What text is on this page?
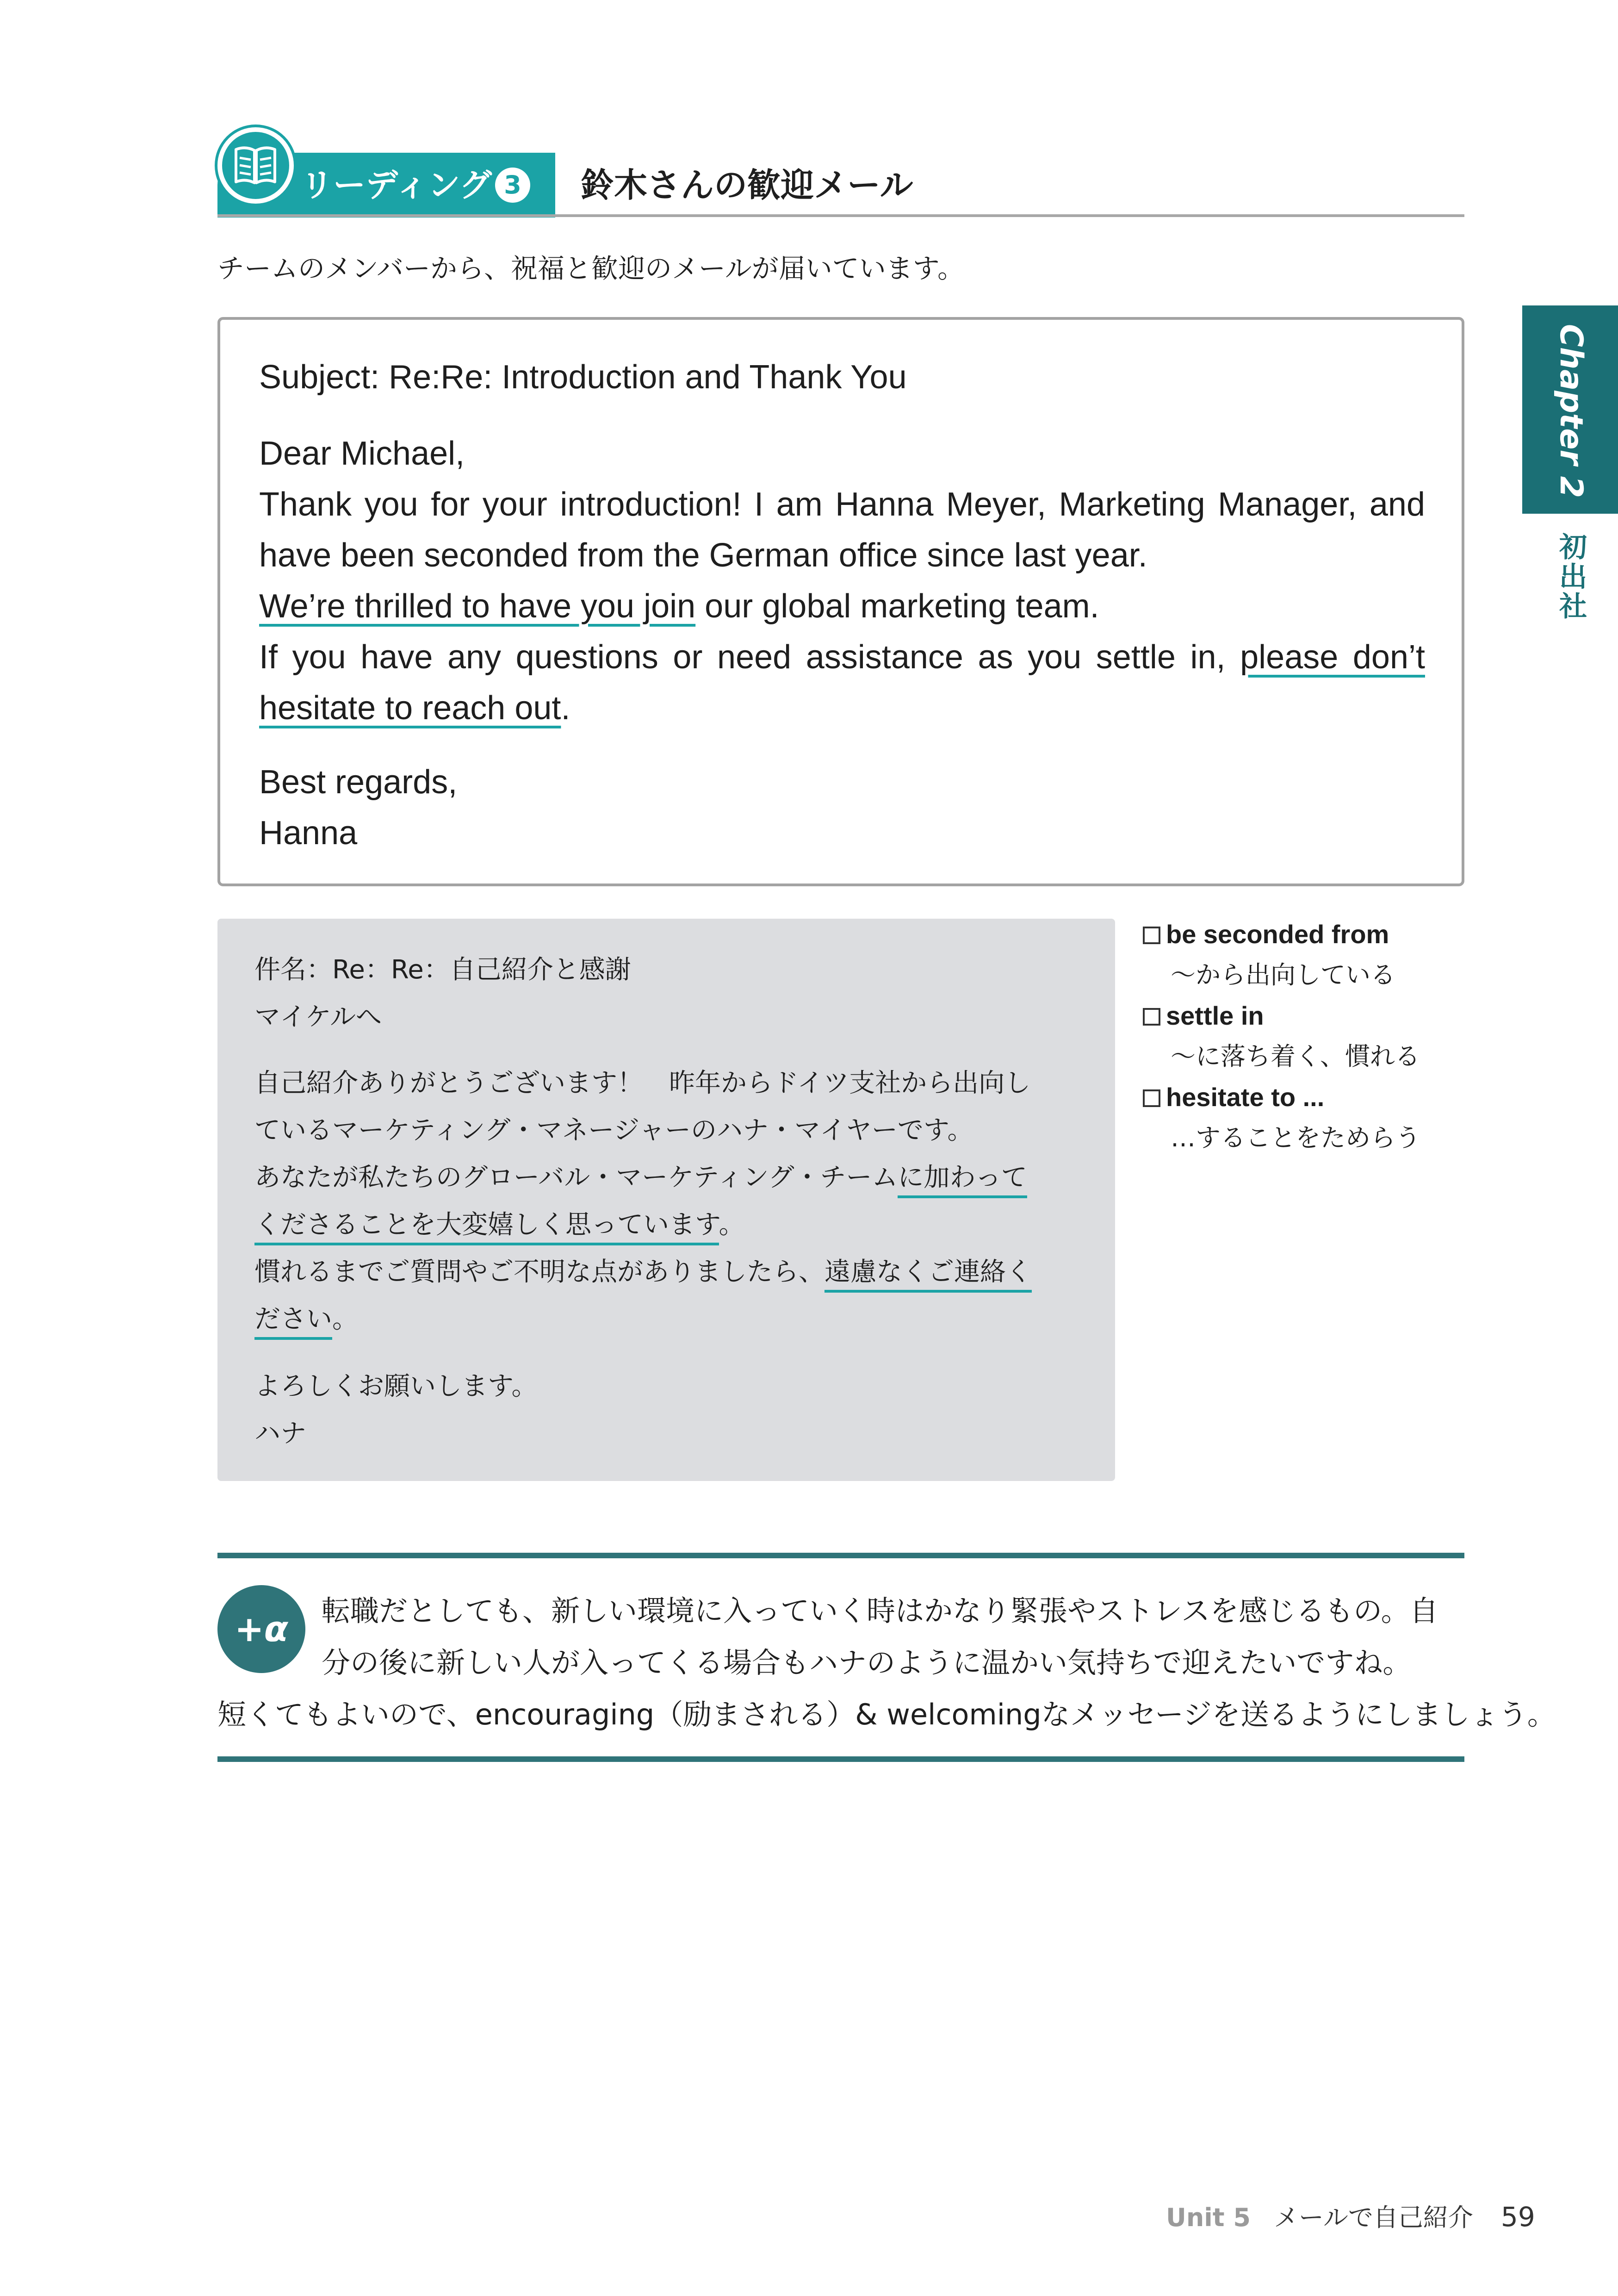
リーディング 3 鈴木さんの歓迎メール
チームのメンバーから、祝福と歓迎のメールが届いています。
Subject: Re:Re: Introduction and Thank You

Dear Michael,

Thank you for your introduction! I am Hanna Meyer, Marketing Manager, and

have been seconded from the German office since last year.

We’re thrilled to have you join our global marketing team.

If you have any questions or need assistance as you settle in, please don’t

hesitate to reach out.

Best regards,

Hanna

件名：Re：Re：自己紹介と感謝

マイケルへ

自己紹介ありがとうございます！　昨年からドイツ支社から出向し

ているマーケティング・マネージャーのハナ・マイヤーです。

あなたが私たちのグローバル・マーケティング・チームに加わって

くださることを大変嬉しく思っています。

慣れるまでご質問やご不明な点がありましたら、遠慮なくご連絡く

ださい。

よろしくお願いします。

ハナ

be seconded from
～から出向している
settle in
～に落ち着く、慣れる
hesitate to ...
…することをためらう
Chapter 2
初出社
+α	転職だとしても、新しい環境に入っていく時はかなり緊張やストレスを感じるもの。自
分の後に新しい人が入ってくる場合もハナのように温かい気持ちで迎えたいですね。
短くてもよいので、encouraging（励まされる）& welcomingなメッセージを送るようにしましょう。
Unit 5 メールで自己紹介 59
